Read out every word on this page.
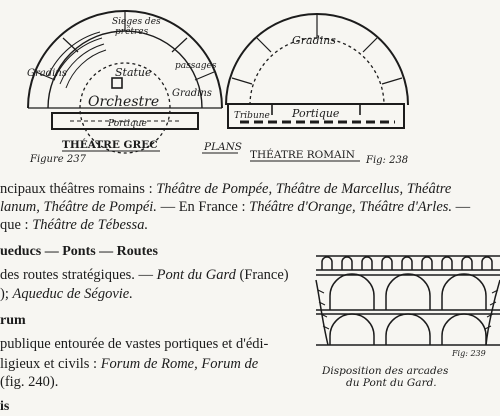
Sieges des
prêtres
Gradins
passages
Statue
Orchestre
Gradins
Portique
THÉATRE GREC
Figure 237
PLANS
Gradins
Tribune Portique
THÉATRE ROMAIN Fig: 238
Fig: 239
Disposition des arcades
du Pont du Gard.
ncipaux théâtres romains : Théâtre de Pompée, Théâtre de Marcellus, Théâtre
lanum, Théâtre de Pompéi. — En France : Théâtre d'Orange, Théâtre d'Arles. —
que : Théâtre de Tébessa.
ueducs — Ponts — Routes
des routes stratégiques. — Pont du Gard (France)
); Aqueduc de Ségovie.
rum
publique entourée de vastes portiques et d'édi-
ligieux et civils : Forum de Rome, Forum de
(fig. 240).
is
